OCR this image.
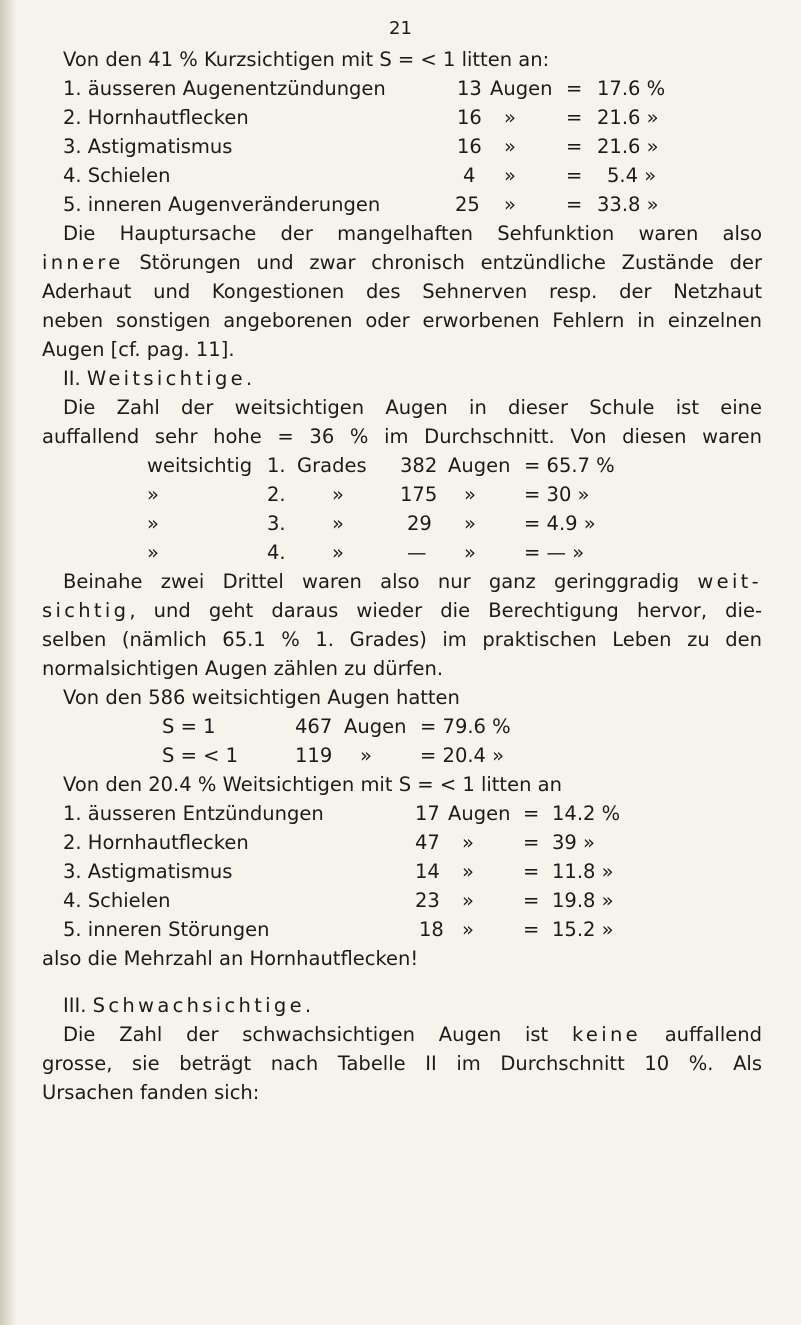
21
Von den 41 % Kurzsichtigen mit S = < 1 litten an:
1. äusseren Augenentzündungen	13 Augen = 17.6 %
2. Hornhautflecken	16 »	= 21.6 »
3. Astigmatismus	16 »	= 21.6 »
4. Schielen	4 »	= 5.4 »
5. inneren Augenveränderungen	25 »	= 33.8 »
Die Hauptursache der mangelhaften Sehfunktion waren also
innere Störungen und zwar chronisch entzündliche Zustände der
Aderhaut und Kongestionen des Sehnerven resp. der Netzhaut
neben sonstigen angeborenen oder erworbenen Fehlern in einzelnen
Augen [cf. pag. 11].
II. Weitsichtige.
Die Zahl der weitsichtigen Augen in dieser Schule ist eine
auffallend sehr hohe = 36 % im Durchschnitt. Von diesen waren
weitsichtig 1. Grades 382 Augen = 65.7 %
»	2. »	175 » = 30 »
»	3. »	29 » = 4.9 »
»	4. »	— » = — »
Beinahe zwei Drittel waren also nur ganz geringgradig weit-
sichtig, und geht daraus wieder die Berechtigung hervor, die-
selben (nämlich 65.1 % 1. Grades) im praktischen Leben zu den
normalsichtigen Augen zählen zu dürfen.
Von den 586 weitsichtigen Augen hatten
S = 1	467 Augen = 79.6 %
S = < 1	119 » = 20.4 »
Von den 20.4 % Weitsichtigen mit S = < 1 litten an
1. äusseren Entzündungen	17 Augen = 14.2 %
2. Hornhautflecken	47 »	= 39 »
3. Astigmatismus	14 »	= 11.8 »
4. Schielen	23 »	= 19.8 »
5. inneren Störungen	18 »	= 15.2 »
also die Mehrzahl an Hornhautflecken!
III. Schwachsichtige.
Die Zahl der schwachsichtigen Augen ist keine auffallend
grosse, sie beträgt nach Tabelle II im Durchschnitt 10 %. Als
Ursachen fanden sich:
